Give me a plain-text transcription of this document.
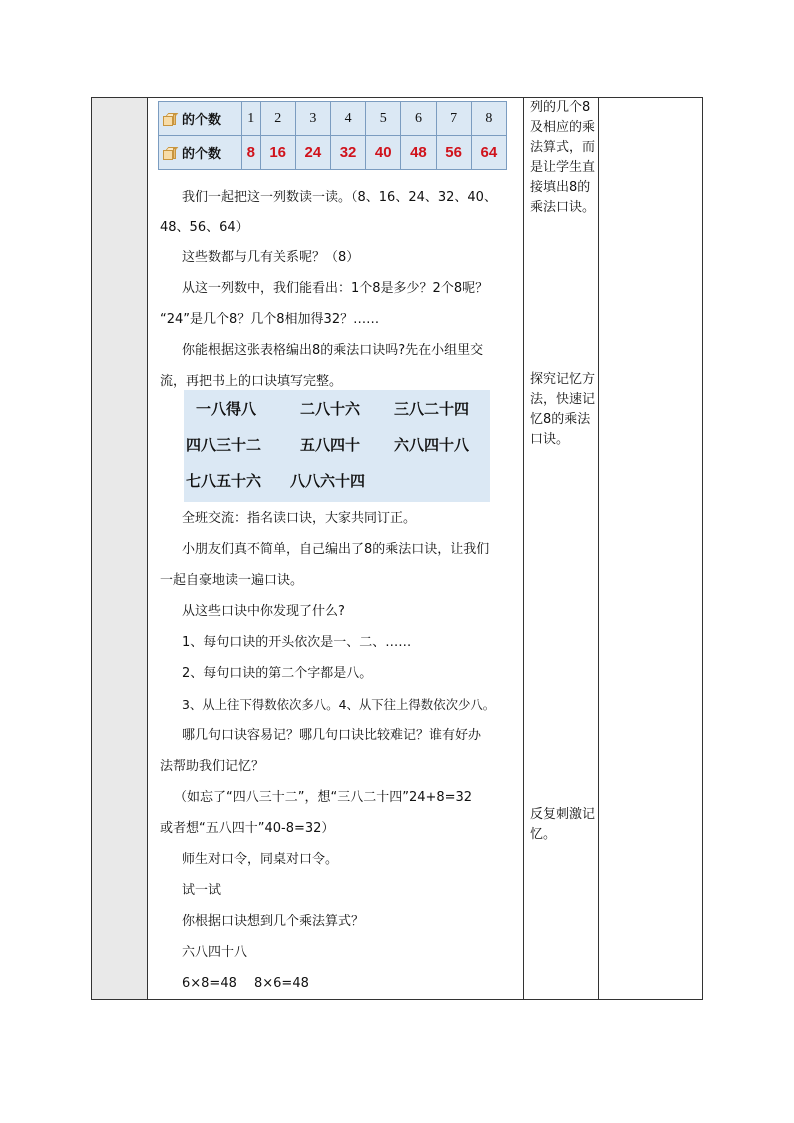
的个数	1	2	3	4	5	6	7	8

的个数	8	16	24	32	40	48	56	64
我们一起把这一列数读一读。（8、16、24、32、40、
48、56、64）
这些数都与几有关系呢？（8）
从这一列数中，我们能看出：1个8是多少？2个8呢？
“24”是几个8？几个8相加得32？……
你能根据这张表格编出8的乘法口诀吗?先在小组里交
流，再把书上的口诀填写完整。
一八得八	二八十六 三八二十四
四八三十二	五八四十 六八四十八
七八五十六 八八六十四
全班交流：指名读口诀，大家共同订正。
小朋友们真不简单，自己编出了8的乘法口诀，让我们
一起自豪地读一遍口诀。
从这些口诀中你发现了什么?
1、每句口诀的开头依次是一、二、……
2、每句口诀的第二个字都是八。
3、从上往下得数依次多八。4、从下往上得数依次少八。
哪几句口诀容易记？哪几句口诀比较难记？谁有好办
法帮助我们记忆？
（如忘了“四八三十二”，想“三八二十四”24+8=32
或者想“五八四十”40-8=32）
师生对口令，同桌对口令。
试一试
你根据口诀想到几个乘法算式？
六八四十八
6×8=48　 8×6=48
列的几个8及相应的乘法算式，而是让学生直接填出8的乘法口诀。
探究记忆方法，快速记忆8的乘法口诀。
反复刺激记忆。
